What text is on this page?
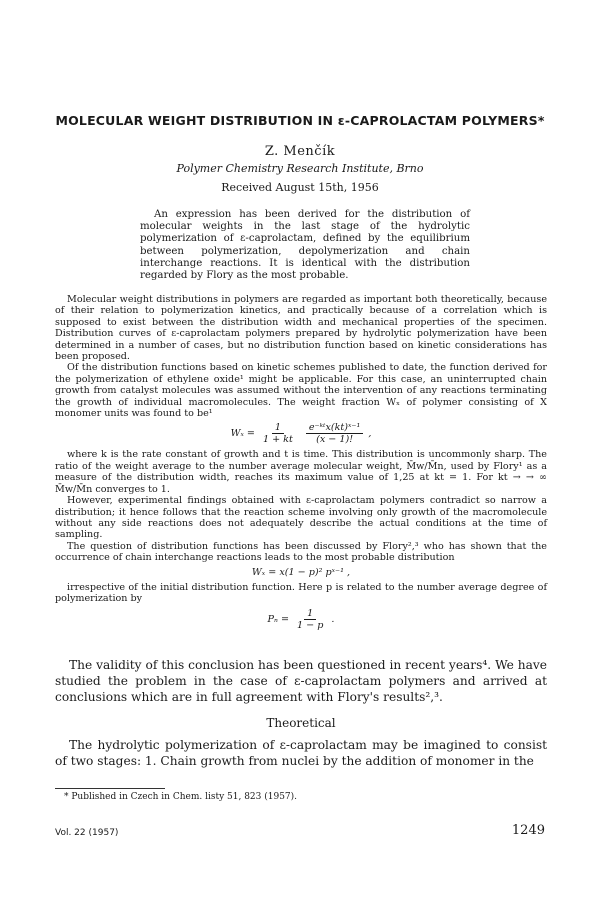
MOLECULAR WEIGHT DISTRIBUTION IN ε-CAPROLACTAM POLYMERS*
Z. Menčík
Polymer Chemistry Research Institute, Brno
Received August 15th, 1956

An expression has been derived for the distribution of molecular weights in the last stage of the hydrolytic polymerization of ε-caprolactam, defined by the equilibrium between polymerization, depolymerization and chain interchange reactions. It is identical with the distribution regarded by Flory as the most probable.

Molecular weight distributions in polymers are regarded as important both theoretically, because of their relation to polymerization kinetics, and practically because of a correlation which is supposed to exist between the distribution width and mechanical properties of the specimen. Distribution curves of ε-caprolactam polymers prepared by hydrolytic polymerization have been determined in a number of cases, but no distribution function based on kinetic considerations has been proposed.

Of the distribution functions based on kinetic schemes published to date, the function derived for the polymerization of ethylene oxide¹ might be applicable. For this case, an uninterrupted chain growth from catalyst molecules was assumed without the intervention of any reactions terminating the growth of individual macromolecules. The weight fraction Wₓ of polymer consisting of X monomer units was found to be¹

$W_x = \frac{1}{1 + kt} \frac{\text{e⁻ᵏᵗx(kt)ˣ⁻¹}}{(x - 1)!}$ ,

where k is the rate constant of growth and t is time. This distribution is uncommonly sharp. The ratio of the weight average to the number average molecular weight, M̄w/M̄n, used by Flory¹ as a measure of the distribution width, reaches its maximum value of 1,25 at kt = 1. For kt → → ∞ M̄w/M̄n converges to 1.

However, experimental findings obtained with ε-caprolactam polymers contradict so narrow a distribution; it hence follows that the reaction scheme involving only growth of the macromolecule without any side reactions does not adequately describe the actual conditions at the time of sampling.

The question of distribution functions has been discussed by Flory²,³ who has shown that the occurrence of chain interchange reactions leads to the most probable distribution

Wₓ = x(1 − p)² pˣ⁻¹ ,

irrespective of the initial distribution function. Here p is related to the number average degree of polymerization by

$P_n = \frac{1}{1 - p}$ .

The validity of this conclusion has been questioned in recent years⁴. We have studied the problem in the case of ε-caprolactam polymers and arrived at conclusions which are in full agreement with Flory's results²,³.

Theoretical

The hydrolytic polymerization of ε-caprolactam may be imagined to consist of two stages: 1. Chain growth from nuclei by the addition of monomer in the

* Published in Czech in Chem. listy 51, 823 (1957).
Vol. 22 (1957)	1249
